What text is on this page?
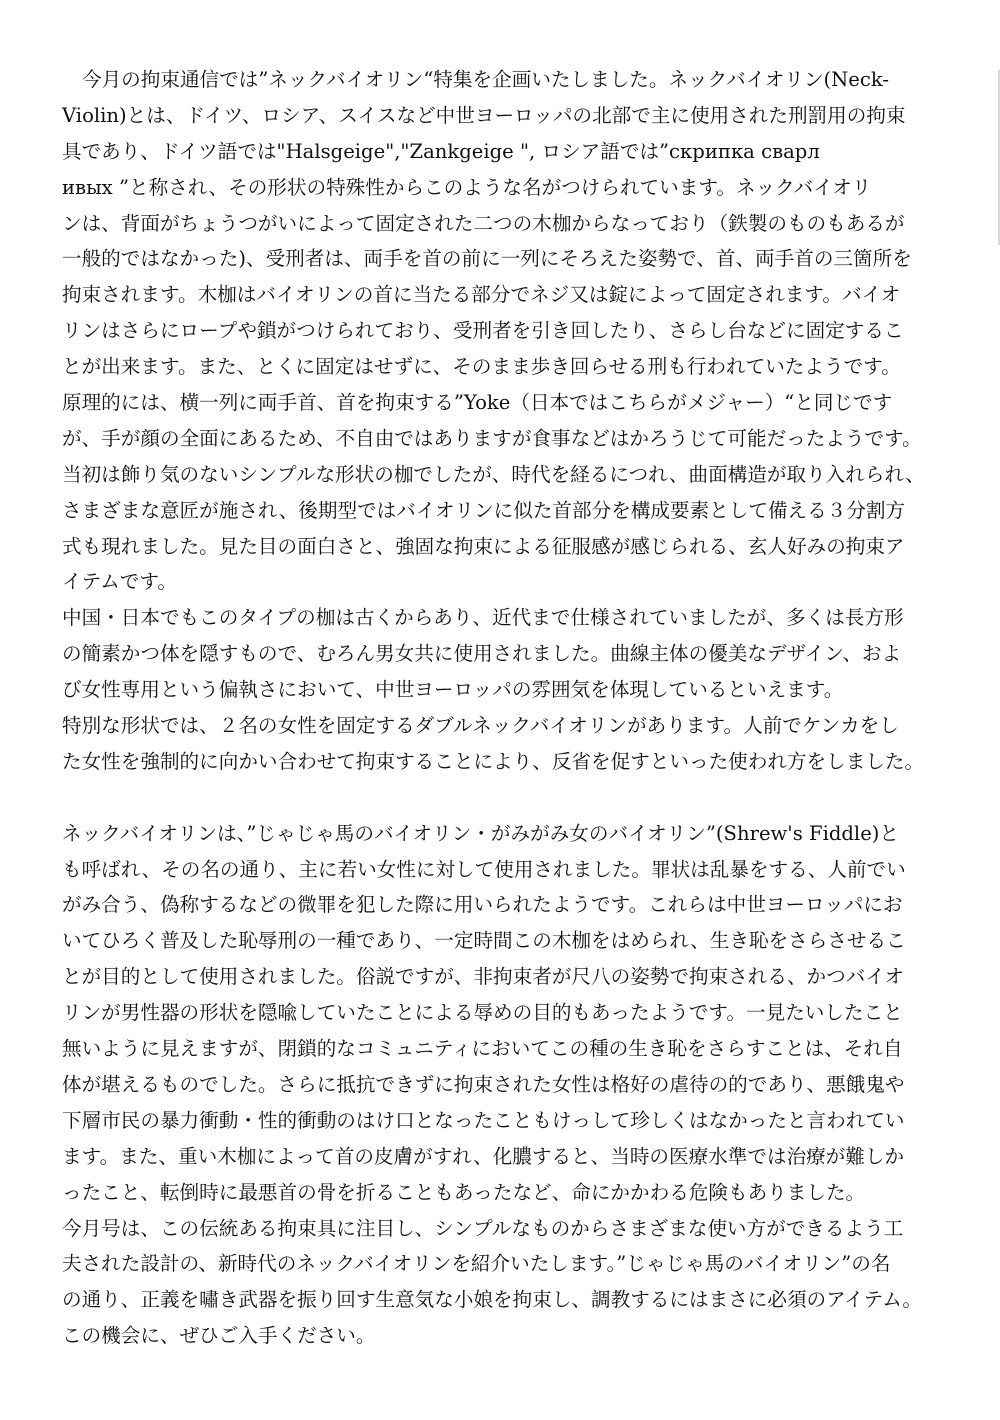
今月の拘束通信では”ネックバイオリン“特集を企画いたしました。ネックバイオリン(Neck-
Violin)とは、ドイツ、ロシア、スイスなど中世ヨーロッパの北部で主に使用された刑罰用の拘束
具であり、ドイツ語では"Halsgeige","Zankgeige ", ロシア語では”скрипка сварл
ивых ”と称され、その形状の特殊性からこのような名がつけられています。ネックバイオリ
ンは、背面がちょうつがいによって固定された二つの木枷からなっており（鉄製のものもあるが
一般的ではなかった)、受刑者は、両手を首の前に一列にそろえた姿勢で、首、両手首の三箇所を
拘束されます。木枷はバイオリンの首に当たる部分でネジ又は錠によって固定されます。バイオ
リンはさらにロープや鎖がつけられており、受刑者を引き回したり、さらし台などに固定するこ
とが出来ます。また、とくに固定はせずに、そのまま歩き回らせる刑も行われていたようです。
原理的には、横一列に両手首、首を拘束する”Yoke（日本ではこちらがメジャー）“と同じです
が、手が顔の全面にあるため、不自由ではありますが食事などはかろうじて可能だったようです。
当初は飾り気のないシンプルな形状の枷でしたが、時代を経るにつれ、曲面構造が取り入れられ、
さまざまな意匠が施され、後期型ではバイオリンに似た首部分を構成要素として備える３分割方
式も現れました。見た目の面白さと、強固な拘束による征服感が感じられる、玄人好みの拘束ア
イテムです。
中国・日本でもこのタイプの枷は古くからあり、近代まで仕様されていましたが、多くは長方形
の簡素かつ体を隠すもので、むろん男女共に使用されました。曲線主体の優美なデザイン、およ
び女性専用という偏執さにおいて、中世ヨーロッパの雰囲気を体現しているといえます。
特別な形状では、２名の女性を固定するダブルネックバイオリンがあります。人前でケンカをし
た女性を強制的に向かい合わせて拘束することにより、反省を促すといった使われ方をしました。
ネックバイオリンは、”じゃじゃ馬のバイオリン・がみがみ女のバイオリン”(Shrew's Fiddle)と
も呼ばれ、その名の通り、主に若い女性に対して使用されました。罪状は乱暴をする、人前でい
がみ合う、偽称するなどの微罪を犯した際に用いられたようです。これらは中世ヨーロッパにお
いてひろく普及した恥辱刑の一種であり、一定時間この木枷をはめられ、生き恥をさらさせるこ
とが目的として使用されました。俗説ですが、非拘束者が尺八の姿勢で拘束される、かつバイオ
リンが男性器の形状を隠喩していたことによる辱めの目的もあったようです。一見たいしたこと
無いように見えますが、閉鎖的なコミュニティにおいてこの種の生き恥をさらすことは、それ自
体が堪えるものでした。さらに抵抗できずに拘束された女性は格好の虐待の的であり、悪餓鬼や
下層市民の暴力衝動・性的衝動のはけ口となったこともけっして珍しくはなかったと言われてい
ます。また、重い木枷によって首の皮膚がすれ、化膿すると、当時の医療水準では治療が難しか
ったこと、転倒時に最悪首の骨を折ることもあったなど、命にかかわる危険もありました。
今月号は、この伝統ある拘束具に注目し、シンプルなものからさまざまな使い方ができるよう工
夫された設計の、新時代のネックバイオリンを紹介いたします。”じゃじゃ馬のバイオリン”の名
の通り、正義を嘯き武器を振り回す生意気な小娘を拘束し、調教するにはまさに必須のアイテム。
この機会に、ぜひご入手ください。
